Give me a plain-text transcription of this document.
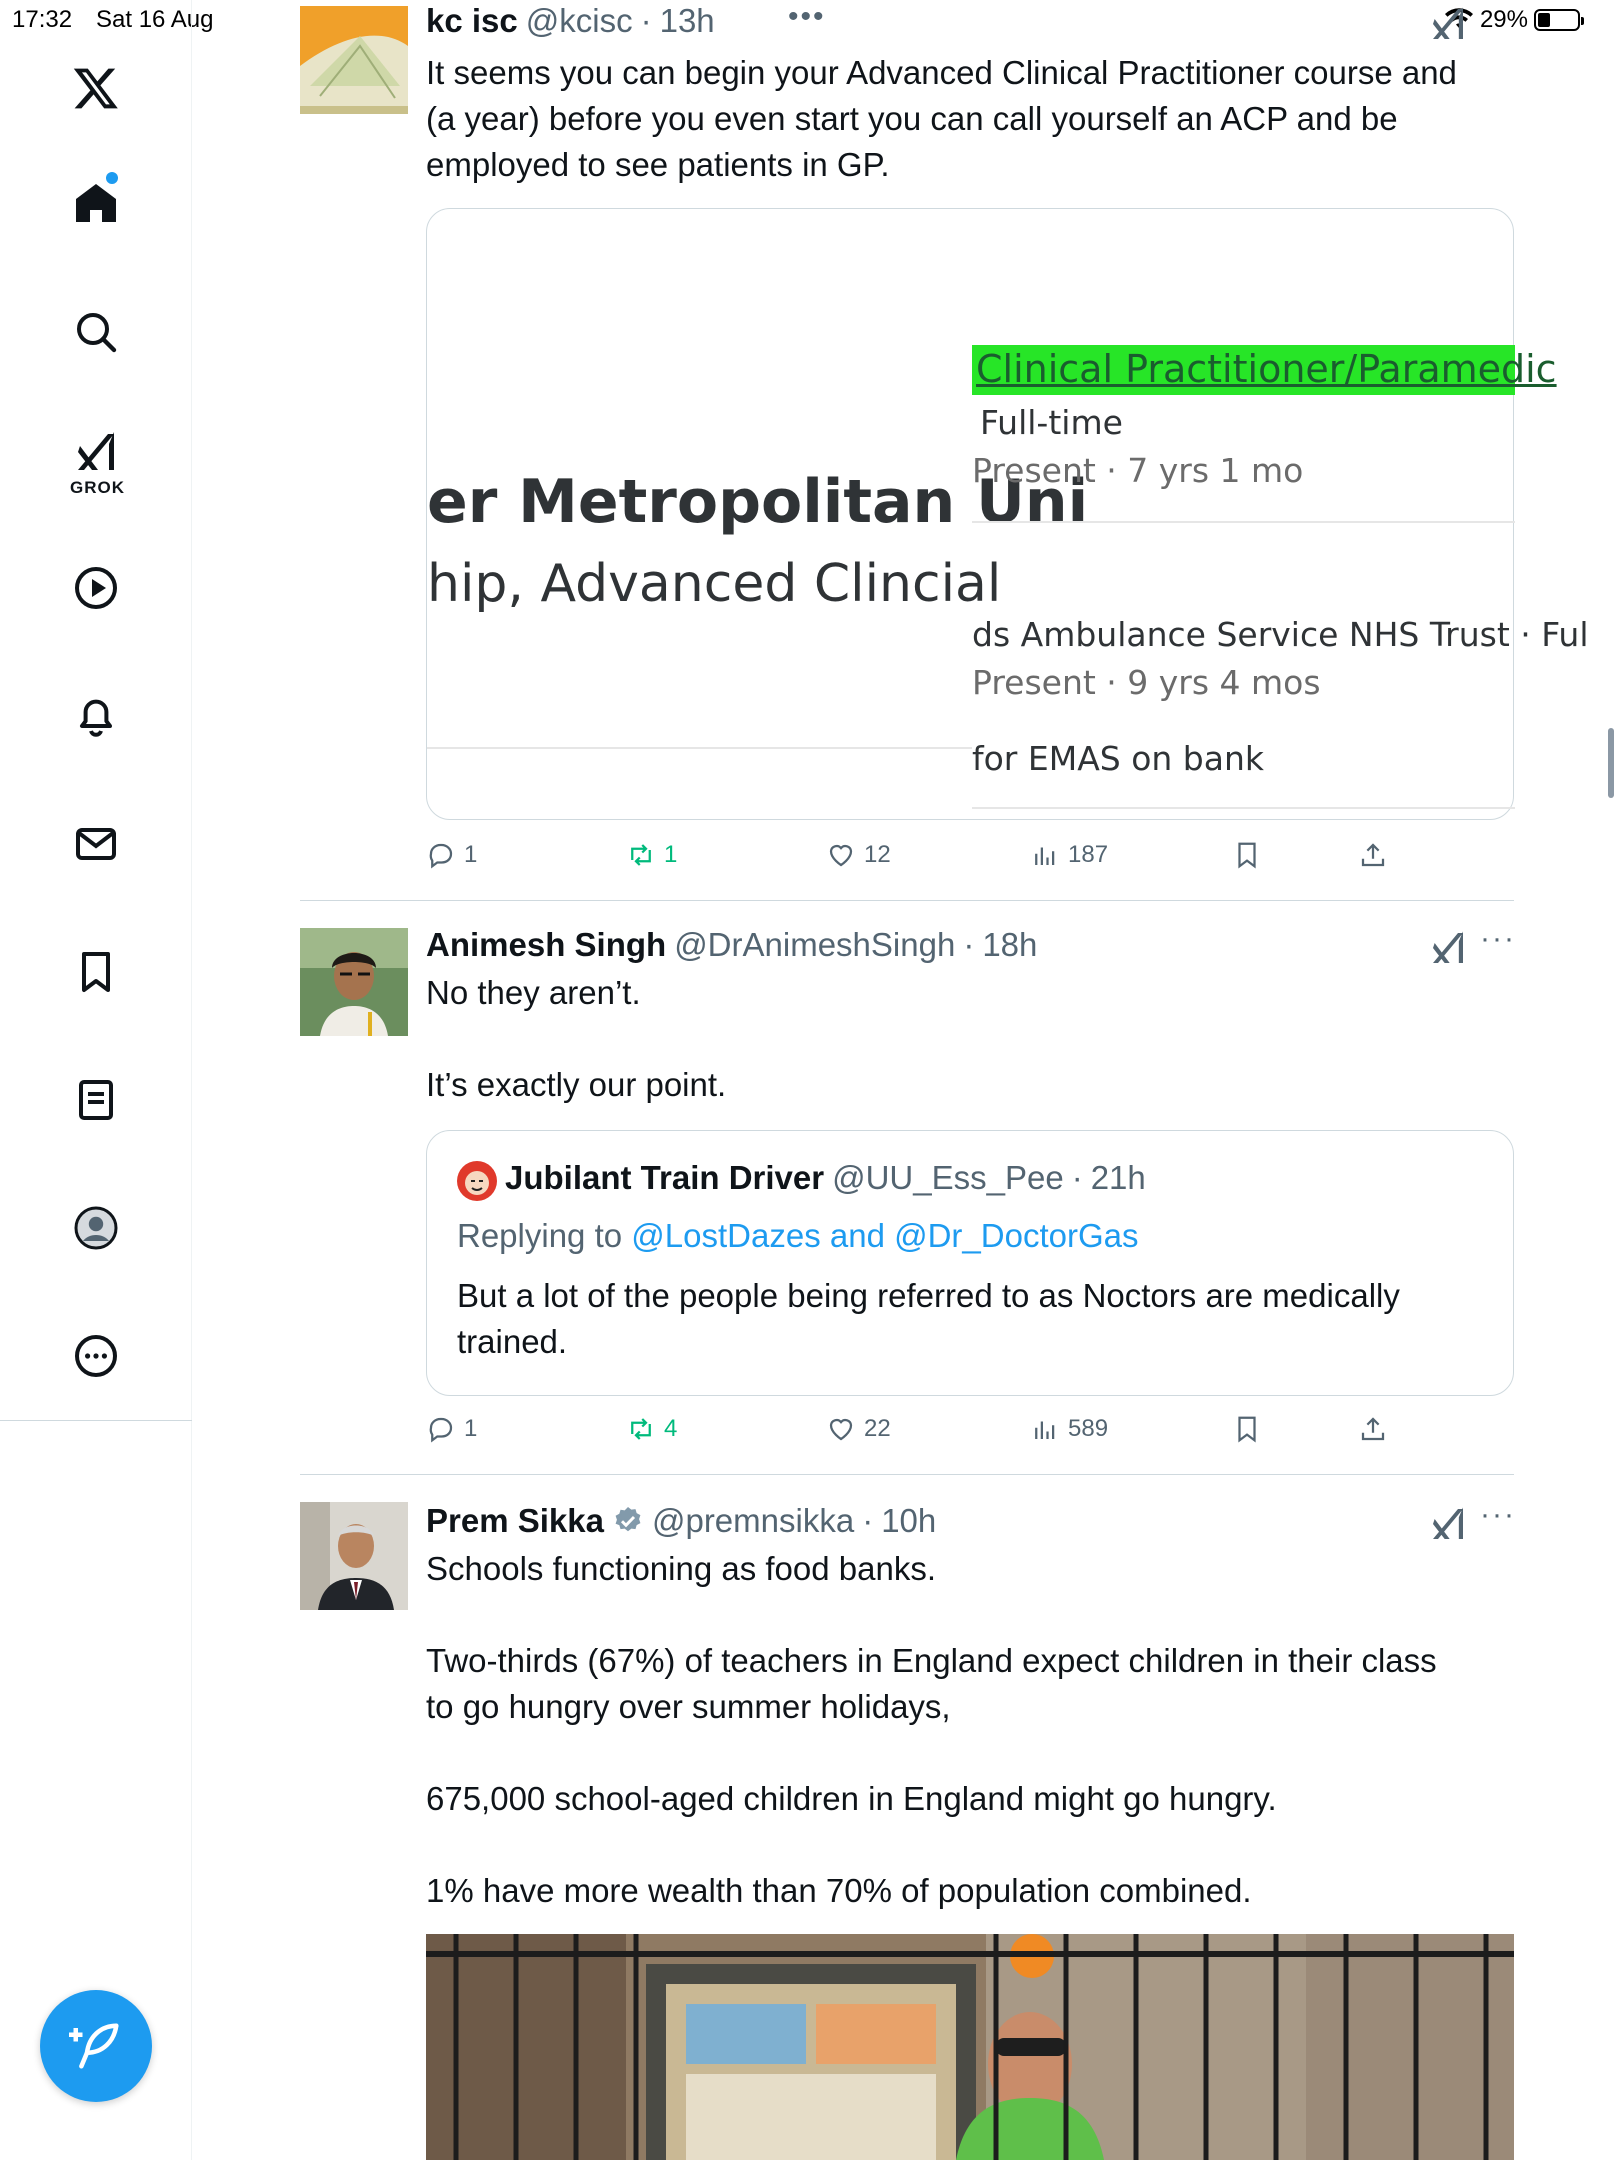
17:32 Sat 16 Aug	29%
GROK
kc isc @kcisc · 13h •••
It seems you can begin your Advanced Clinical Practitioner course and
(a year) before you even start you can call yourself an ACP and be
employed to see patients in GP.
er Metropolitan Uni
hip, Advanced Clincial
Clinical Practitioner/Paramedic
Full-time
Present · 7 yrs 1 mo
ds Ambulance Service NHS Trust · Ful
Present · 9 yrs 4 mos
for EMAS on bank
1	1	12	187
Animesh Singh @DrAnimeshSingh · 18h	···
No they aren’t.
It’s exactly our point.
Jubilant Train Driver @UU_Ess_Pee · 21h
Replying to @LostDazes and @Dr_DoctorGas
But a lot of the people being referred to as Noctors are medically
trained.
1	4	22	589
Prem Sikka @premnsikka · 10h	···
Schools functioning as food banks.
Two-thirds (67%) of teachers in England expect children in their class
to go hungry over summer holidays,
675,000 school-aged children in England might go hungry.
1% have more wealth than 70% of population combined.
